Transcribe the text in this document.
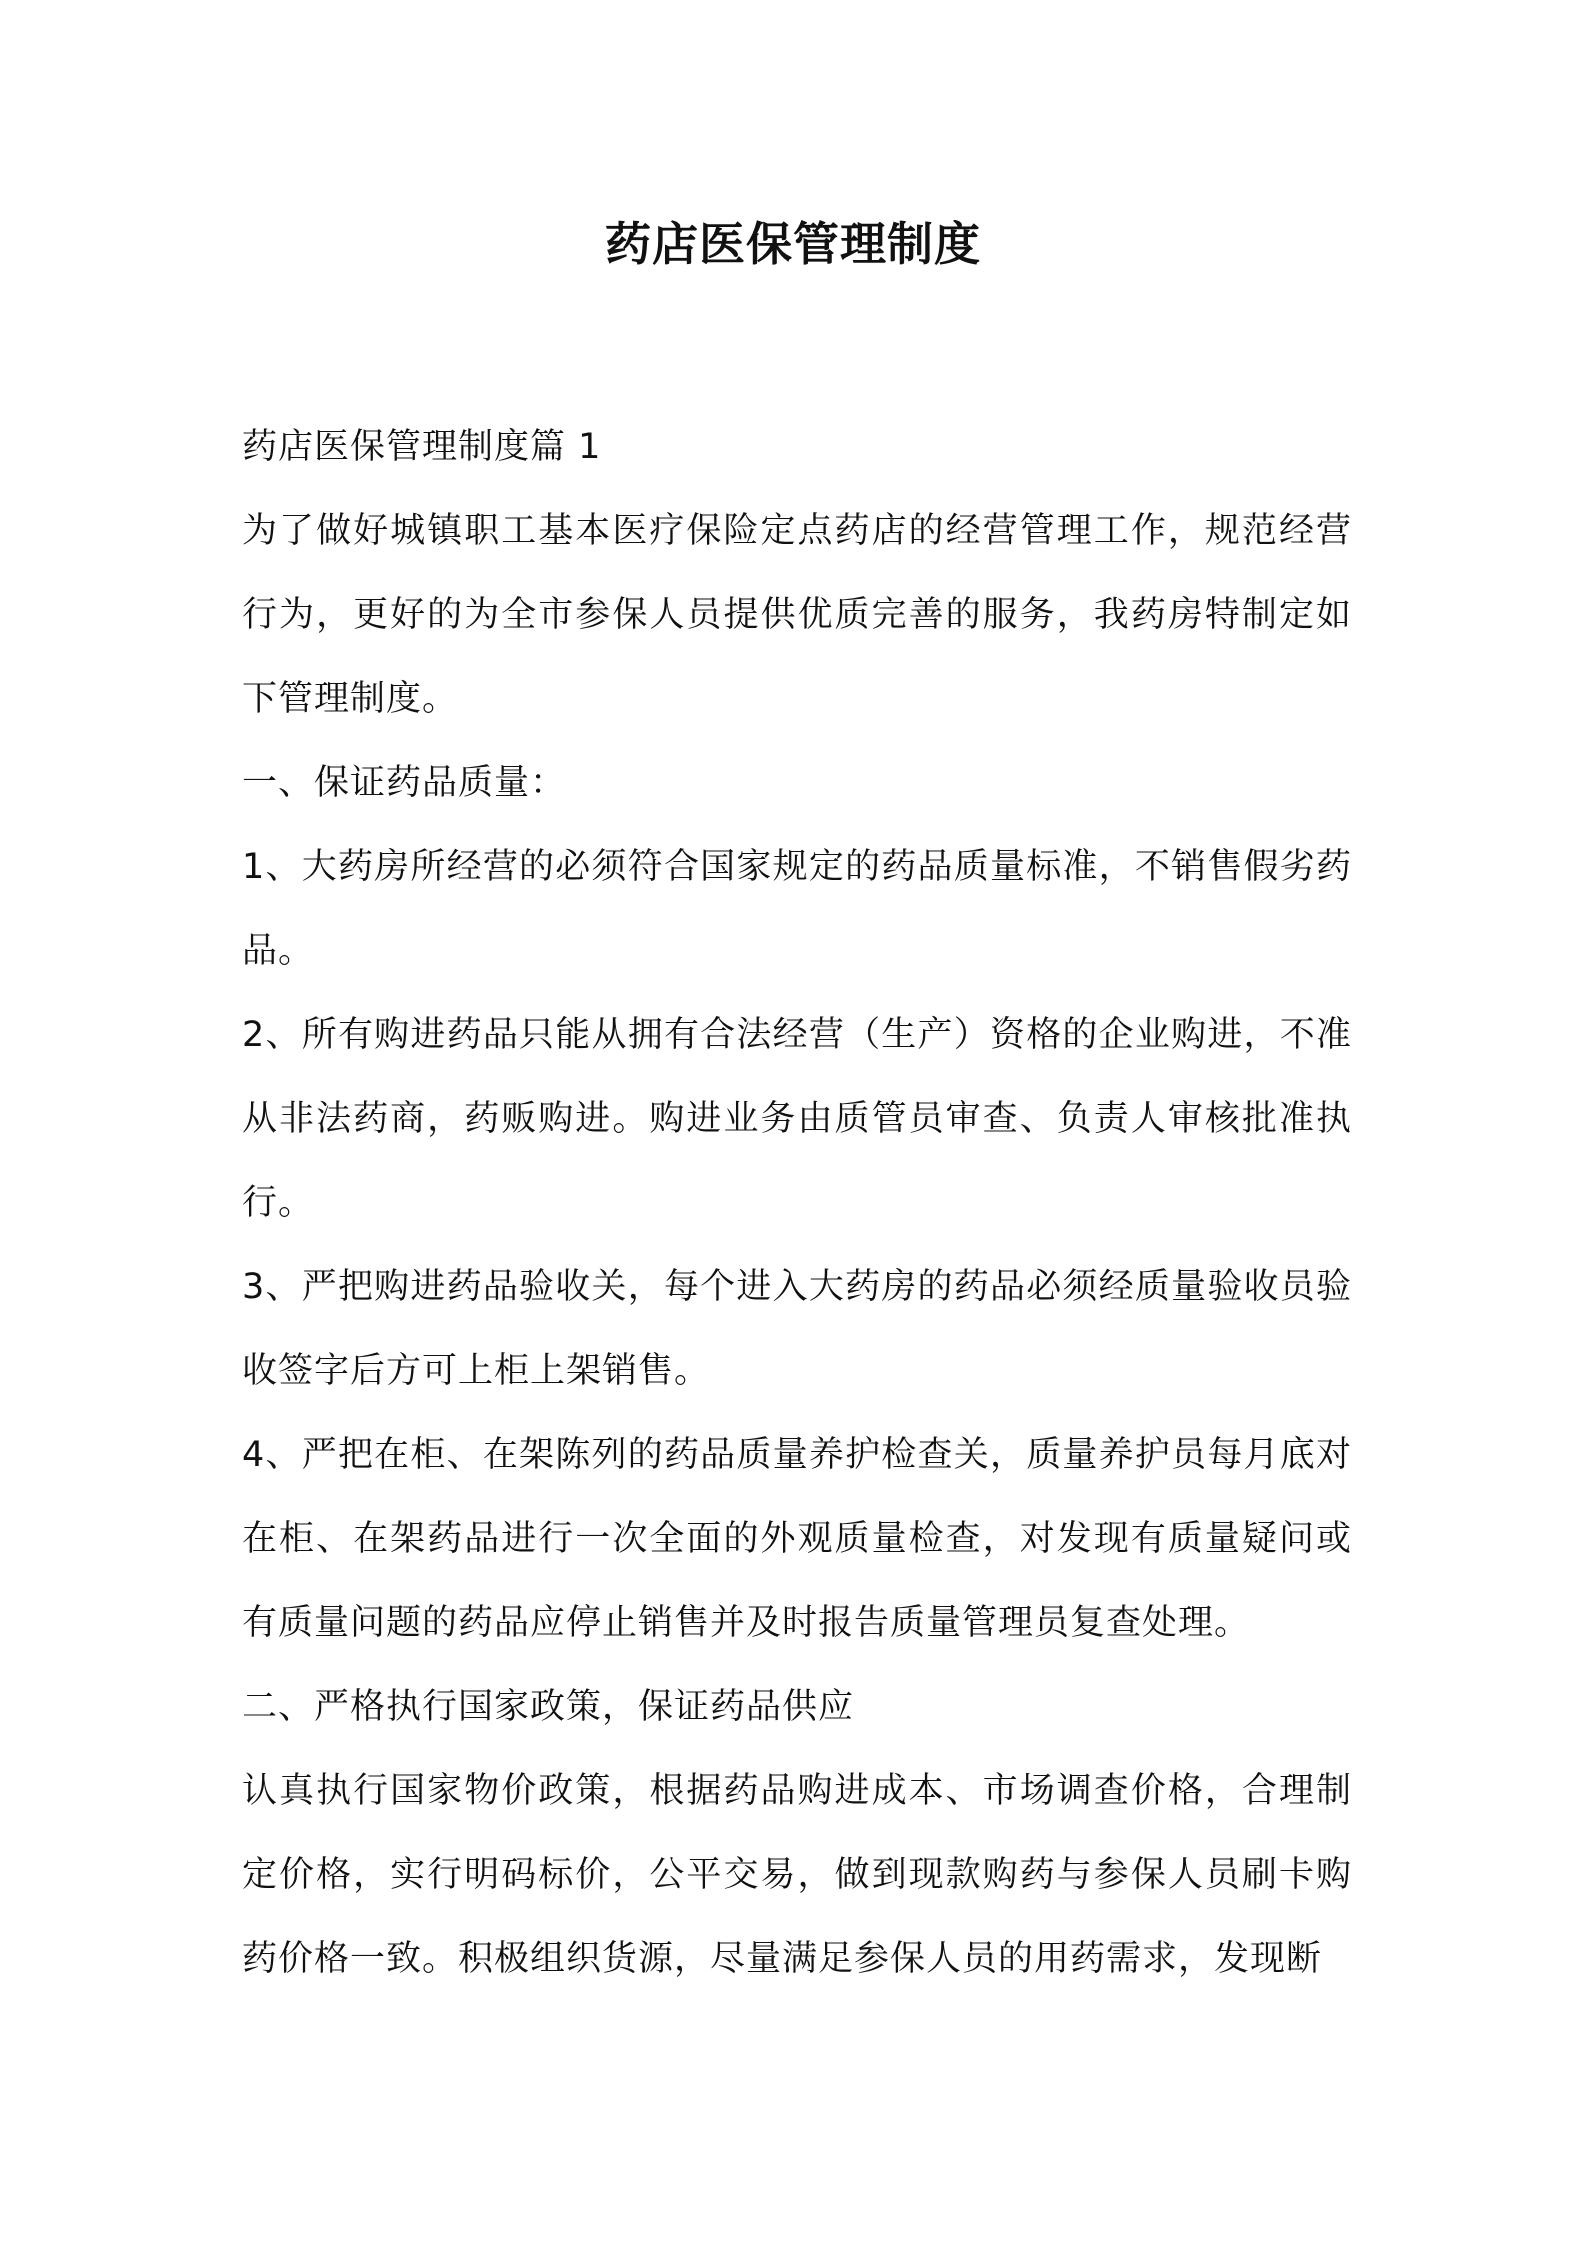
药店医保管理制度

药店医保管理制度篇 1

为了做好城镇职工基本医疗保险定点药店的经营管理工作，规范经营行为，更好的为全市参保人员提供优质完善的服务，我药房特制定如下管理制度。

一、保证药品质量：

1、大药房所经营的必须符合国家规定的药品质量标准，不销售假劣药品。

2、所有购进药品只能从拥有合法经营（生产）资格的企业购进，不准从非法药商，药贩购进。购进业务由质管员审查、负责人审核批准执行。

3、严把购进药品验收关，每个进入大药房的药品必须经质量验收员验收签字后方可上柜上架销售。

4、严把在柜、在架陈列的药品质量养护检查关，质量养护员每月底对在柜、在架药品进行一次全面的外观质量检查，对发现有质量疑问或有质量问题的药品应停止销售并及时报告质量管理员复查处理。

二、严格执行国家政策，保证药品供应

认真执行国家物价政策，根据药品购进成本、市场调查价格，合理制定价格，实行明码标价，公平交易，做到现款购药与参保人员刷卡购药价格一致。积极组织货源，尽量满足参保人员的用药需求，发现断
